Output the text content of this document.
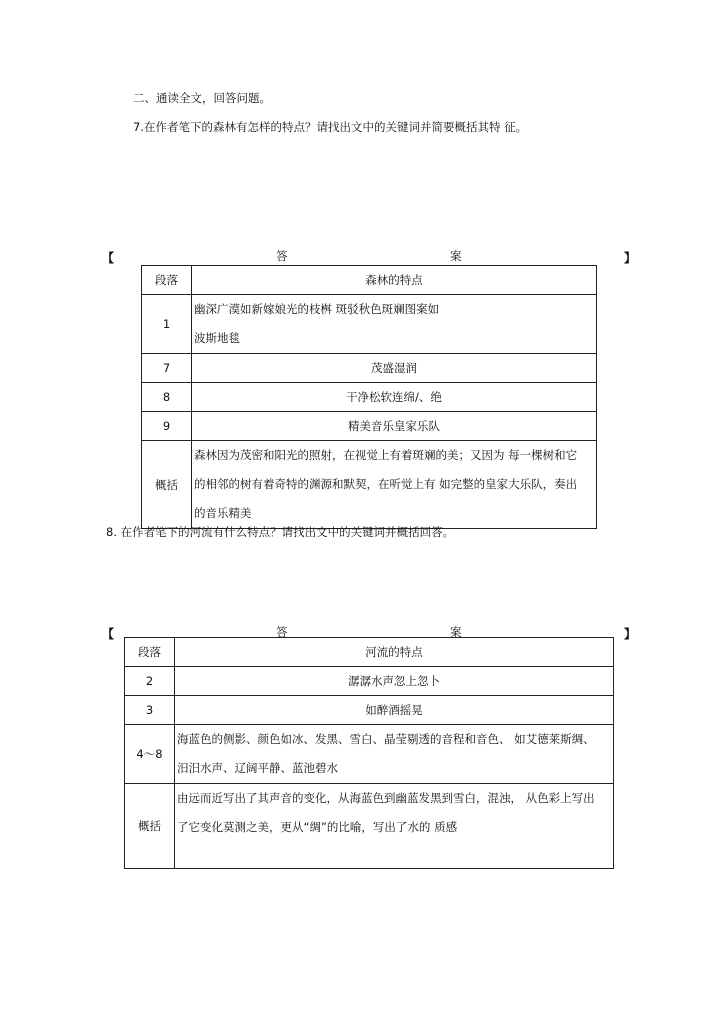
二、通读全文，回答问题。
7.在作者笔下的森林有怎样的特点？请找出文中的关键词并简要概括其特 征。
【	答	案	】
段落	森林的特点
1	幽深广漠如新嫁娘光的枝桝 斑驳秋色斑斓图案如
波斯地毯

7	茂盛湿润
8	干净松软连绵/、绝
9	精美音乐皇家乐队
概括	森林因为茂密和阳光的照射，在视觉上有着斑斓的美；又因为 每一棵树和它
的相邻的树有着奇特的渊源和默契，在听觉上有 如完整的皇家大乐队，奏出
的音乐精美
8. 在作者笔下的河流有什么特点？请找出文中的关键词并概括回答。
【	答	案	】
段落	河流的特点
2	潺潺水声忽上忽卜
3	如醉酒摇晃
4～8	海蓝色的侧影、颜色如冰、发黑、雪白、晶莹剔透的音程和音色、 如艾德莱斯绸、
汨汨水声、辽阔平静、蓝池碧水

概括	由远而近写出了其声音的变化，从海蓝色到幽蓝发黑到雪白，混浊， 从色彩上写出
了它变化莫测之美，更从“绸”的比喻，写出了水的 质感
